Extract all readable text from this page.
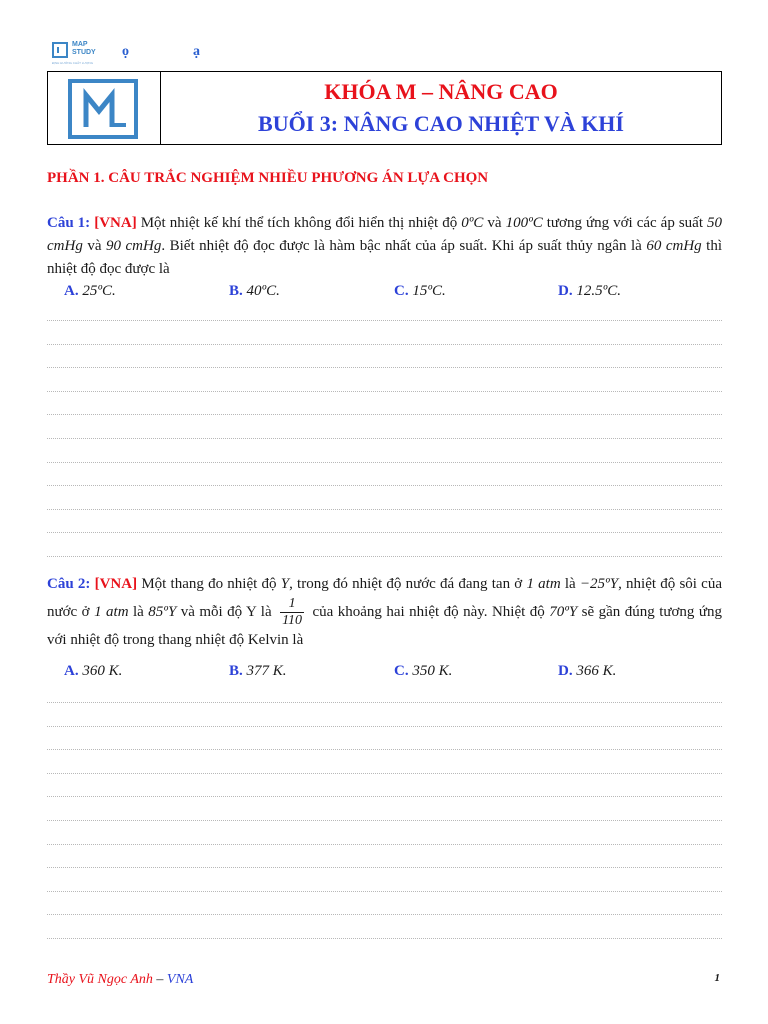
MAP
STUDY
ĐỊNH HƯỚNG CHẤT LƯỢNG
ọ	ạ
KHÓA M – NÂNG CAO
BUỔI 3: NÂNG CAO NHIỆT VÀ KHÍ
PHẦN 1. CÂU TRẮC NGHIỆM NHIỀU PHƯƠNG ÁN LỰA CHỌN
Câu 1: [VNA] Một nhiệt kế khí thể tích không đổi hiển thị nhiệt độ 0ºC và 100ºC tương ứng với các áp suất 50 cmHg và 90 cmHg. Biết nhiệt độ đọc được là hàm bậc nhất của áp suất. Khi áp suất thủy ngân là 60 cmHg thì nhiệt độ đọc được là
A. 25ºC.	B. 40ºC.	C. 15ºC.	D. 12.5ºC.
Câu 2: [VNA] Một thang đo nhiệt độ Y, trong đó nhiệt độ nước đá đang tan ở 1 atm là −25ºY, nhiệt độ sôi của nước ở 1 atm là 85ºY và mỗi độ Y là $\frac{1}{110}$ của khoảng hai nhiệt độ này. Nhiệt độ 70ºY sẽ gần đúng tương ứng với nhiệt độ trong thang nhiệt độ Kelvin là
A. 360 K.	B. 377 K.	C. 350 K.	D. 366 K.
Thầy Vũ Ngọc Anh – VNA	1
